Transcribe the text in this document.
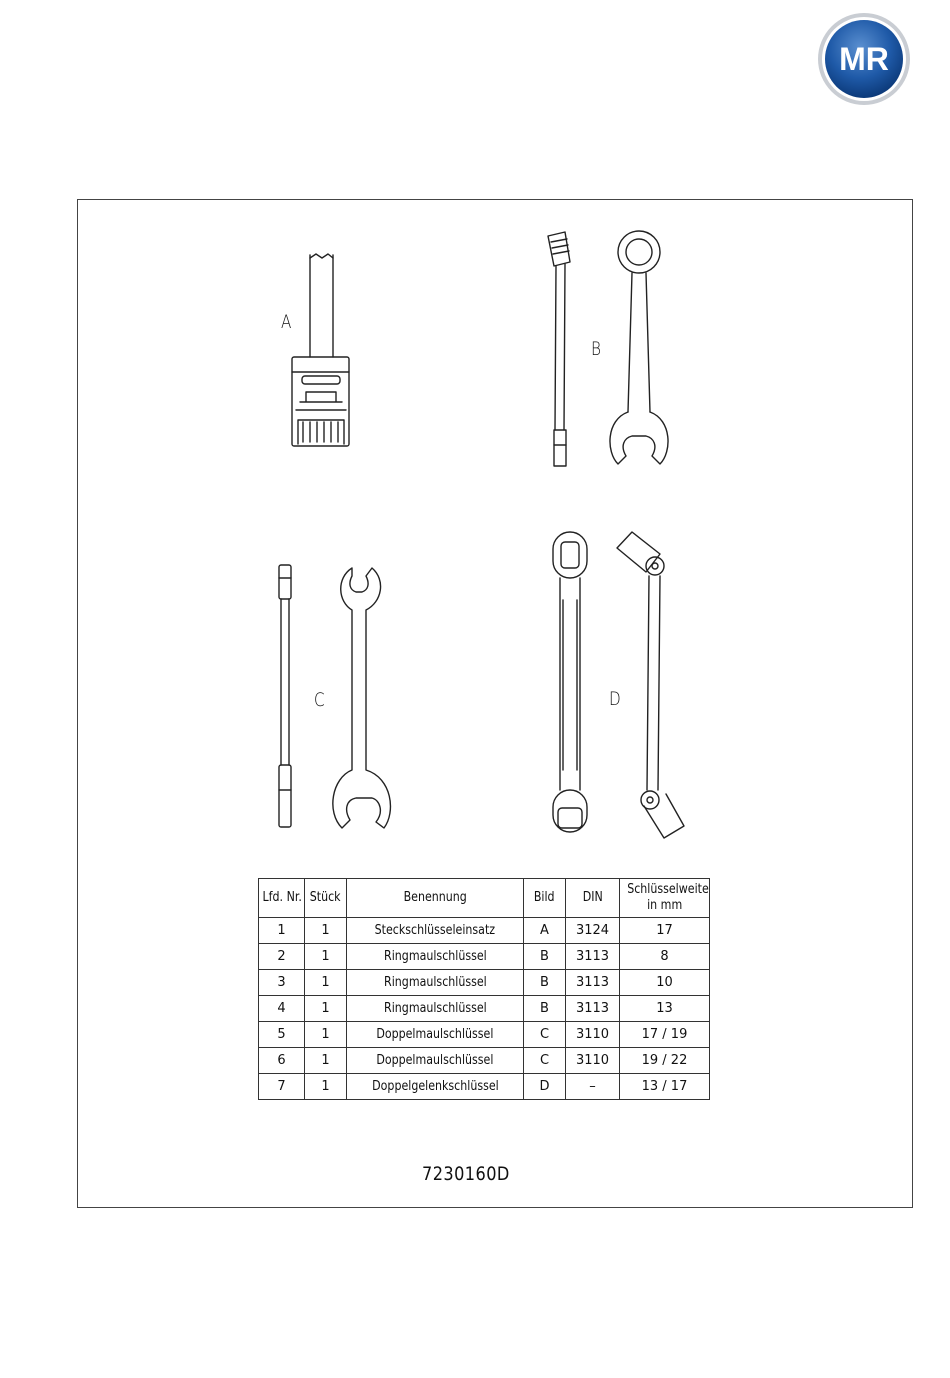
MR
A
B
C	D
Lfd. Nr.	Stück	Benennung	Bild	DIN	Schlüsselweite
in mm
1	1	Steckschlüsseleinsatz	A	3124	17
2	1	Ringmaulschlüssel	B	3113	8
3	1	Ringmaulschlüssel	B	3113	10
4	1	Ringmaulschlüssel	B	3113	13
5	1	Doppelmaulschlüssel	C	3110	17 / 19
6	1	Doppelmaulschlüssel	C	3110	19 / 22
7	1	Doppelgelenkschlüssel	D	–	13 / 17
7230160D
